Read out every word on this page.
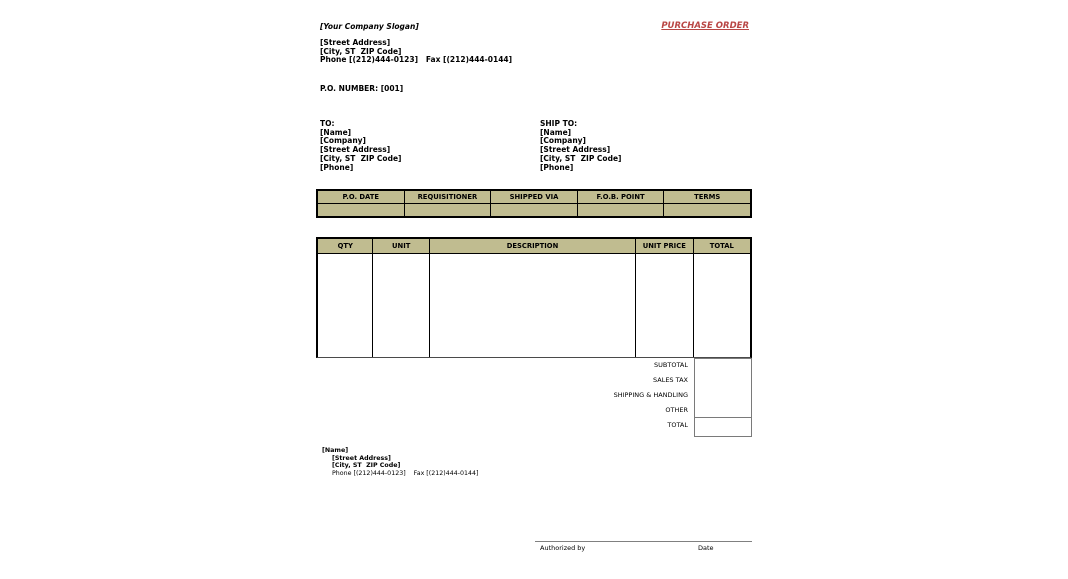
[Your Company Slogan]	PURCHASE ORDER
[Street Address]
[City, ST  ZIP Code]
Phone [(212)444-0123]   Fax [(212)444-0144]
P.O. NUMBER: [001]
TO:
[Name]
[Company]
[Street Address]
[City, ST  ZIP Code]
[Phone]
SHIP TO:
[Name]
[Company]
[Street Address]
[City, ST  ZIP Code]
[Phone]
P.O. DATE	REQUISITIONER	SHIPPED VIA	F.O.B. POINT	TERMS
QTY	UNIT	DESCRIPTION	UNIT PRICE	TOTAL
SUBTOTAL
SALES TAX
SHIPPING & HANDLING
OTHER
TOTAL
[Name]
[Street Address]
[City, ST  ZIP Code]
Phone [(212)444-0123]    Fax [(212)444-0144]
Authorized by	Date
